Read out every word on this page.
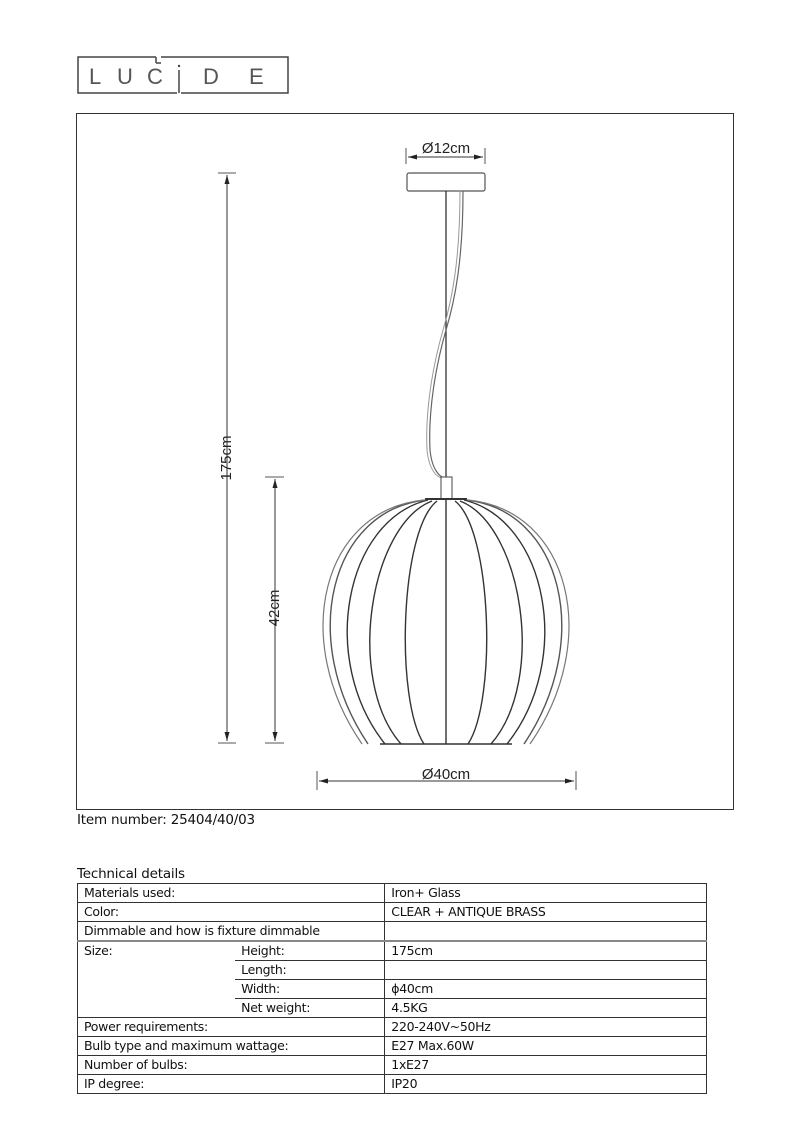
L U C D E
Ø12cm
175cm
42cm
Ø40cm
Item number: 25404/40/03
Technical details
Materials used:		Iron+ Glass
Color:		CLEAR + ANTIQUE BRASS
Dimmable and how is fixture dimmable		
Size:	Height:	175cm
	Length:	
	Width:	ϕ40cm
	Net weight:	4.5KG
Power requirements:		220-240V~50Hz
Bulb type and maximum wattage:		E27 Max.60W
Number of bulbs:		1xE27
IP degree:		IP20
